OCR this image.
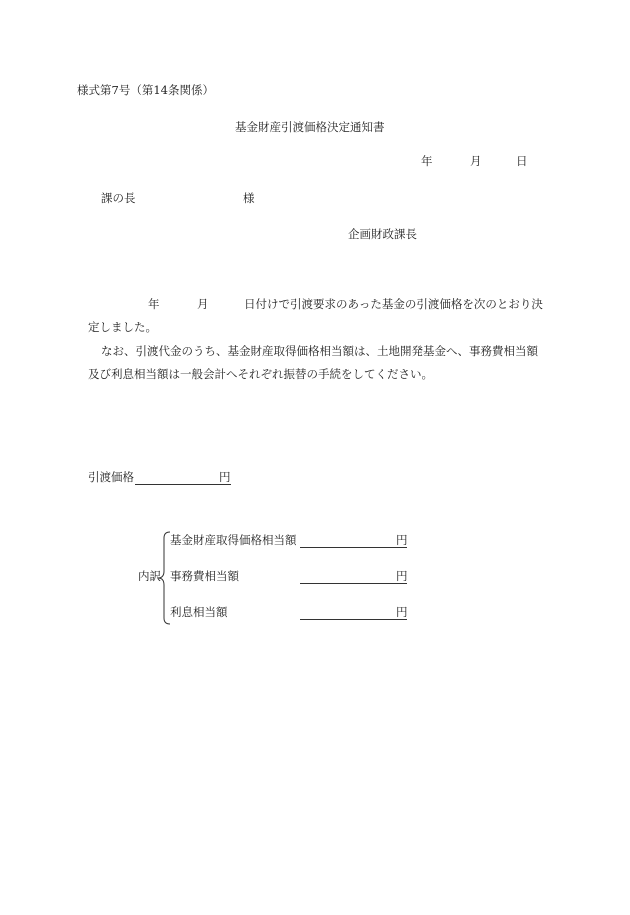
様式第7号（第14条関係）
基金財産引渡価格決定通知書
年	月	日
課の長	様
企画財政課長
年	月	日付けで引渡要求のあった基金の引渡価格を次のとおり決
定しました。
なお、引渡代金のうち、基金財産取得価格相当額は、土地開発基金へ、事務費相当額
及び利息相当額は一般会計へそれぞれ振替の手続をしてください。
引渡価格	円
内訳
基金財産取得価格相当額	円
事務費相当額	円
利息相当額	円
